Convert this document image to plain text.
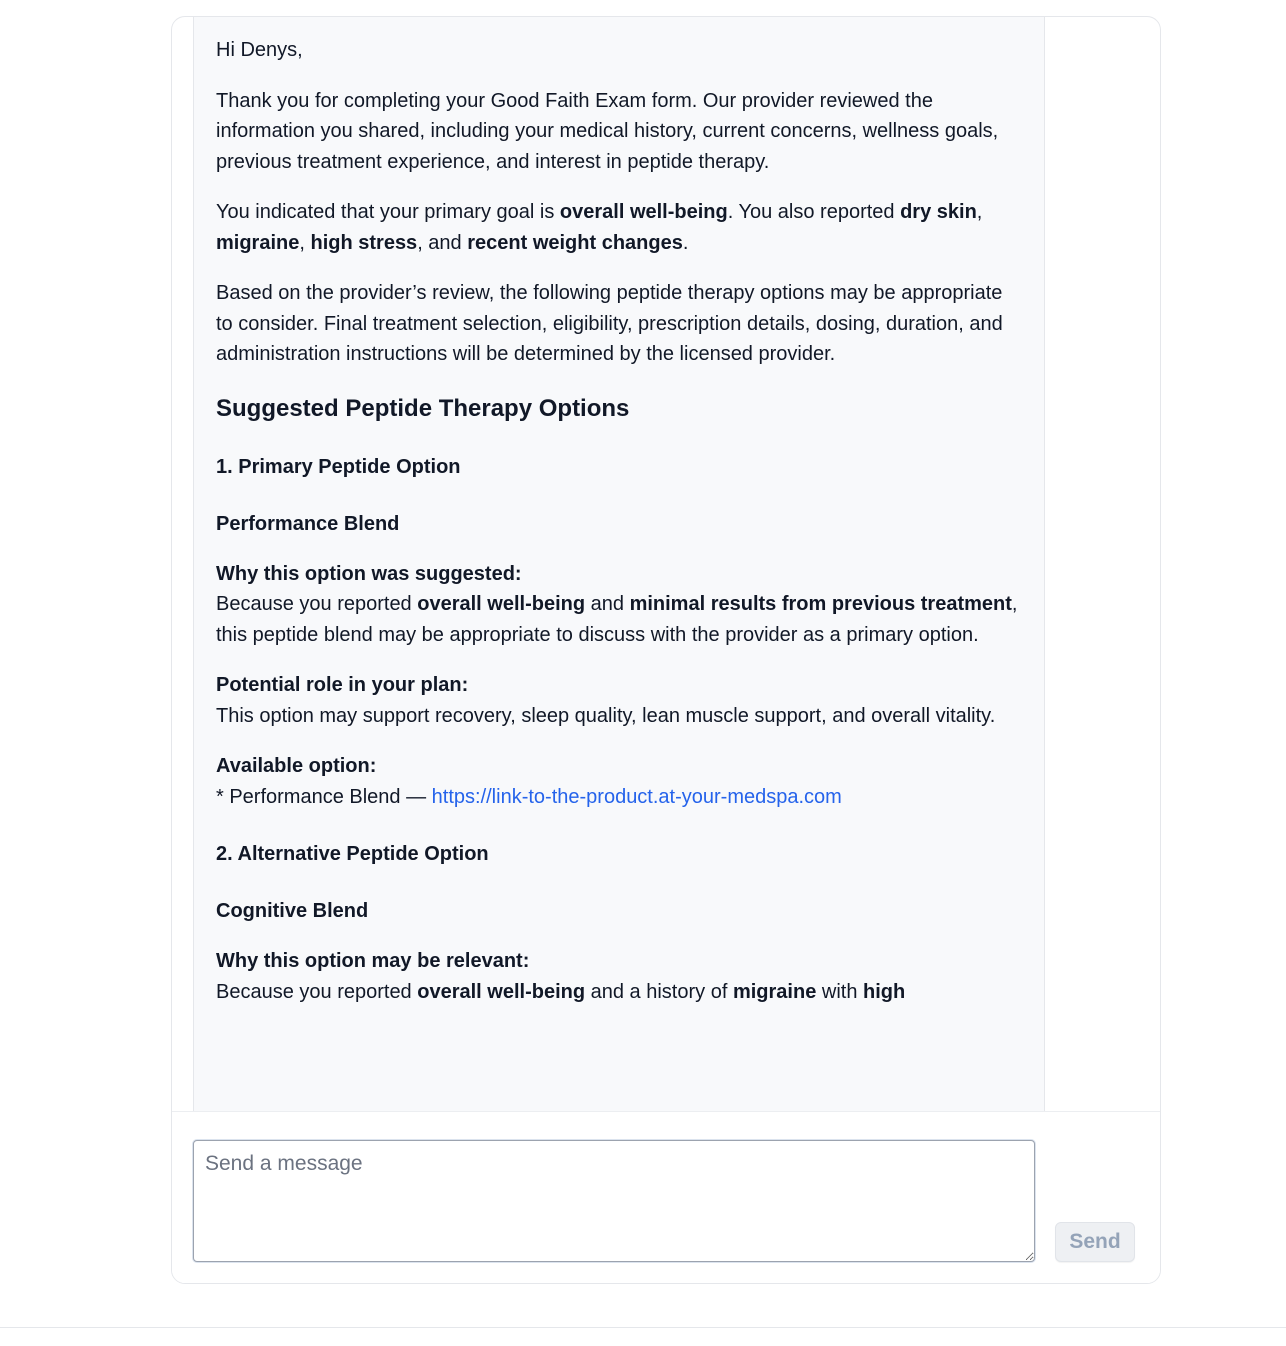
Hi Denys,

Thank you for completing your Good Faith Exam form. Our provider reviewed the information you shared, including your medical history, current concerns, wellness goals, previous treatment experience, and interest in peptide therapy.

You indicated that your primary goal is overall well-being. You also reported dry skin, migraine, high stress, and recent weight changes.

Based on the provider’s review, the following peptide therapy options may be appropriate to consider. Final treatment selection, eligibility, prescription details, dosing, duration, and administration instructions will be determined by the licensed provider.

Suggested Peptide Therapy Options
1. Primary Peptide Option
Performance Blend

Why this option was suggested:
Because you reported overall well-being and minimal results from previous treatment, this peptide blend may be appropriate to discuss with the provider as a primary option.

Potential role in your plan:
This option may support recovery, sleep quality, lean muscle support, and overall vitality.

Available option:
* Performance Blend — https://link-to-the-product.at-your-medspa.com

2. Alternative Peptide Option
Cognitive Blend

Why this option may be relevant:
Because you reported overall well-being and a history of migraine with high

Send a message
Send
